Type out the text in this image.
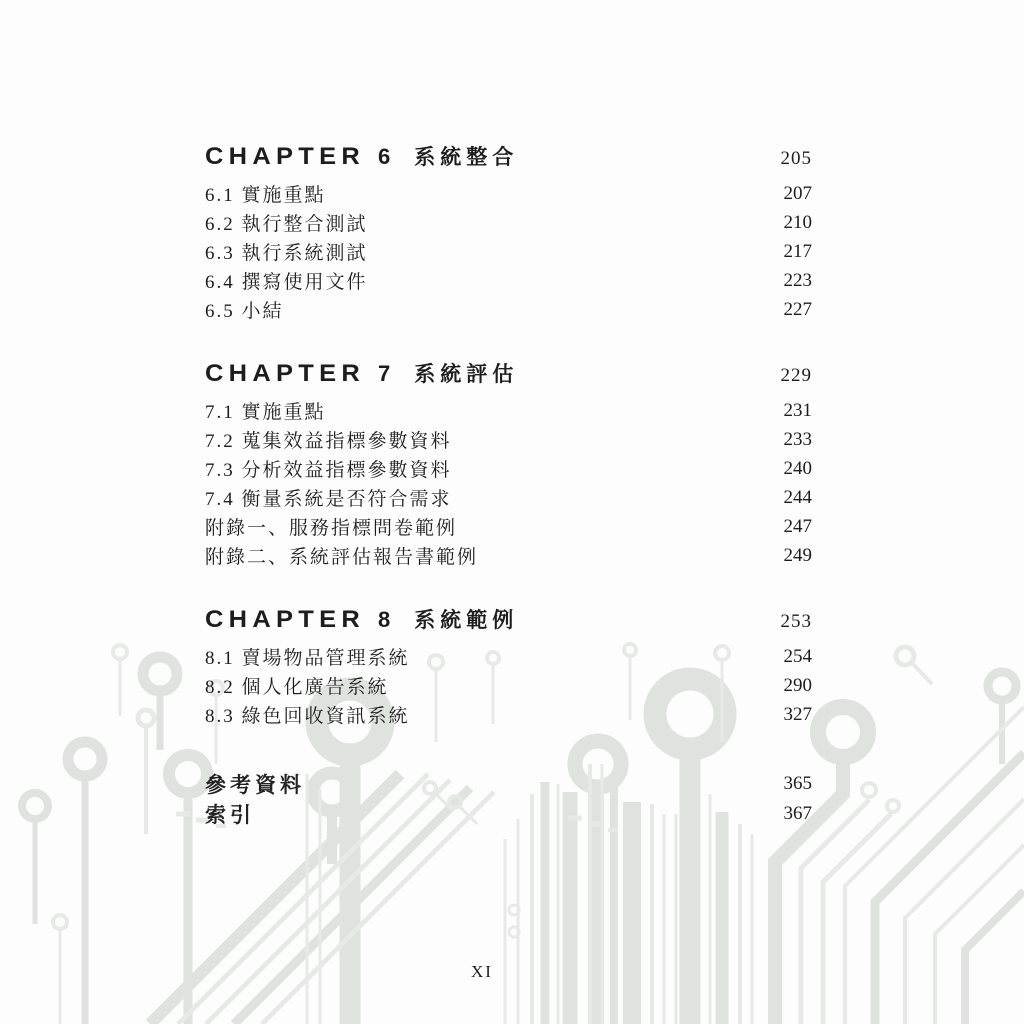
CHAPTER 6 系統整合	205
6.1 實施重點	207
6.2 執行整合測試	210
6.3 執行系統測試	217
6.4 撰寫使用文件	223
6.5 小結	227
CHAPTER 7 系統評估	229
7.1 實施重點	231
7.2 蒐集效益指標參數資料	233
7.3 分析效益指標參數資料	240
7.4 衡量系統是否符合需求	244
附錄一、服務指標問卷範例	247
附錄二、系統評估報告書範例	249
CHAPTER 8 系統範例	253
8.1 賣場物品管理系統	254
8.2 個人化廣告系統	290
8.3 綠色回收資訊系統	327
參考資料	365
索引	367
XI
